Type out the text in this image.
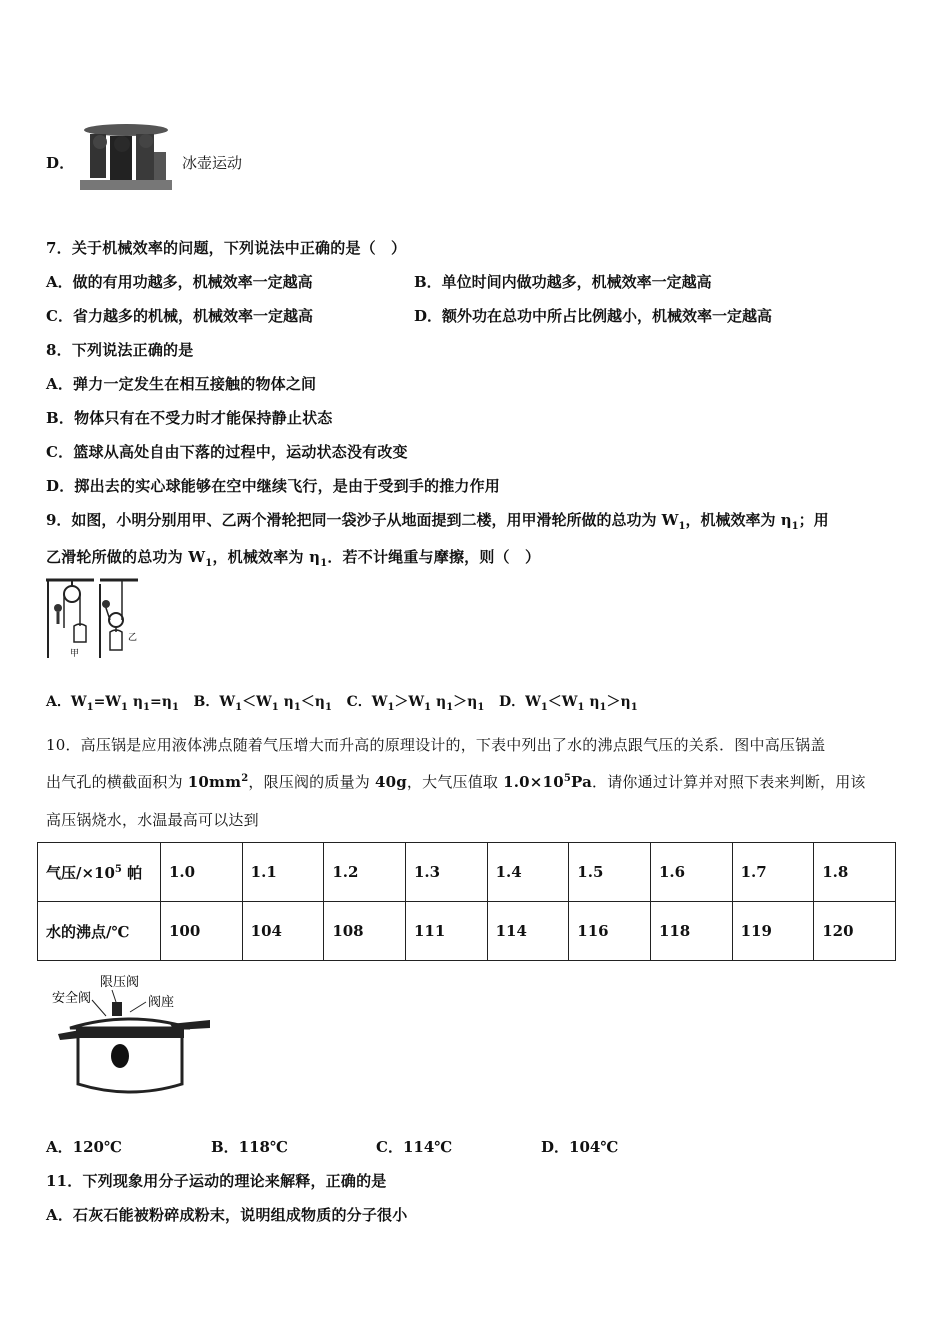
D．	冰壶运动
7．关于机械效率的问题，下列说法中正确的是（　）
A．做的有用功越多，机械效率一定越高	B．单位时间内做功越多，机械效率一定越高
C．省力越多的机械，机械效率一定越高	D．额外功在总功中所占比例越小，机械效率一定越高
8．下列说法正确的是
A．弹力一定发生在相互接触的物体之间
B．物体只有在不受力时才能保持静止状态
C．篮球从高处自由下落的过程中，运动状态没有改变
D．掷出去的实心球能够在空中继续飞行，是由于受到手的推力作用
9．如图，小明分别用甲、乙两个滑轮把同一袋沙子从地面提到二楼，用甲滑轮所做的总功为 $W_1$，机械效率为 $\eta_1$；用
乙滑轮所做的总功为 $W_1$，机械效率为 $\eta_1$．若不计绳重与摩擦，则（　）
甲
乙
A．$W_1=W_1$ $\eta_1=\eta_1$ B．$W_1<W_1$ $\eta_1<\eta_1$ C．$W_1>W_1$ $\eta_1>\eta_1$ D．$W_1<W_1$ $\eta_1>\eta_1$
10．高压锅是应用液体沸点随着气压增大而升高的原理设计的，下表中列出了水的沸点跟气压的关系．图中高压锅盖
出气孔的横截面积为 $10mm^2$，限压阀的质量为 40g，大气压值取 $1.0\times 10^5Pa$．请你通过计算并对照下表来判断，用该
高压锅烧水，水温最高可以达到
气压$/\times 10^5$ 帕	1.0	1.1	1.2	1.3	1.4	1.5	1.6	1.7	1.8
水的沸点/℃	100	104	108	111	114	116	118	119	120
限压阀
安全阀	阀座
A．120℃	B．118℃	C．114℃	D．104℃
11．下列现象用分子运动的理论来解释，正确的是
A．石灰石能被粉碎成粉末，说明组成物质的分子很小
